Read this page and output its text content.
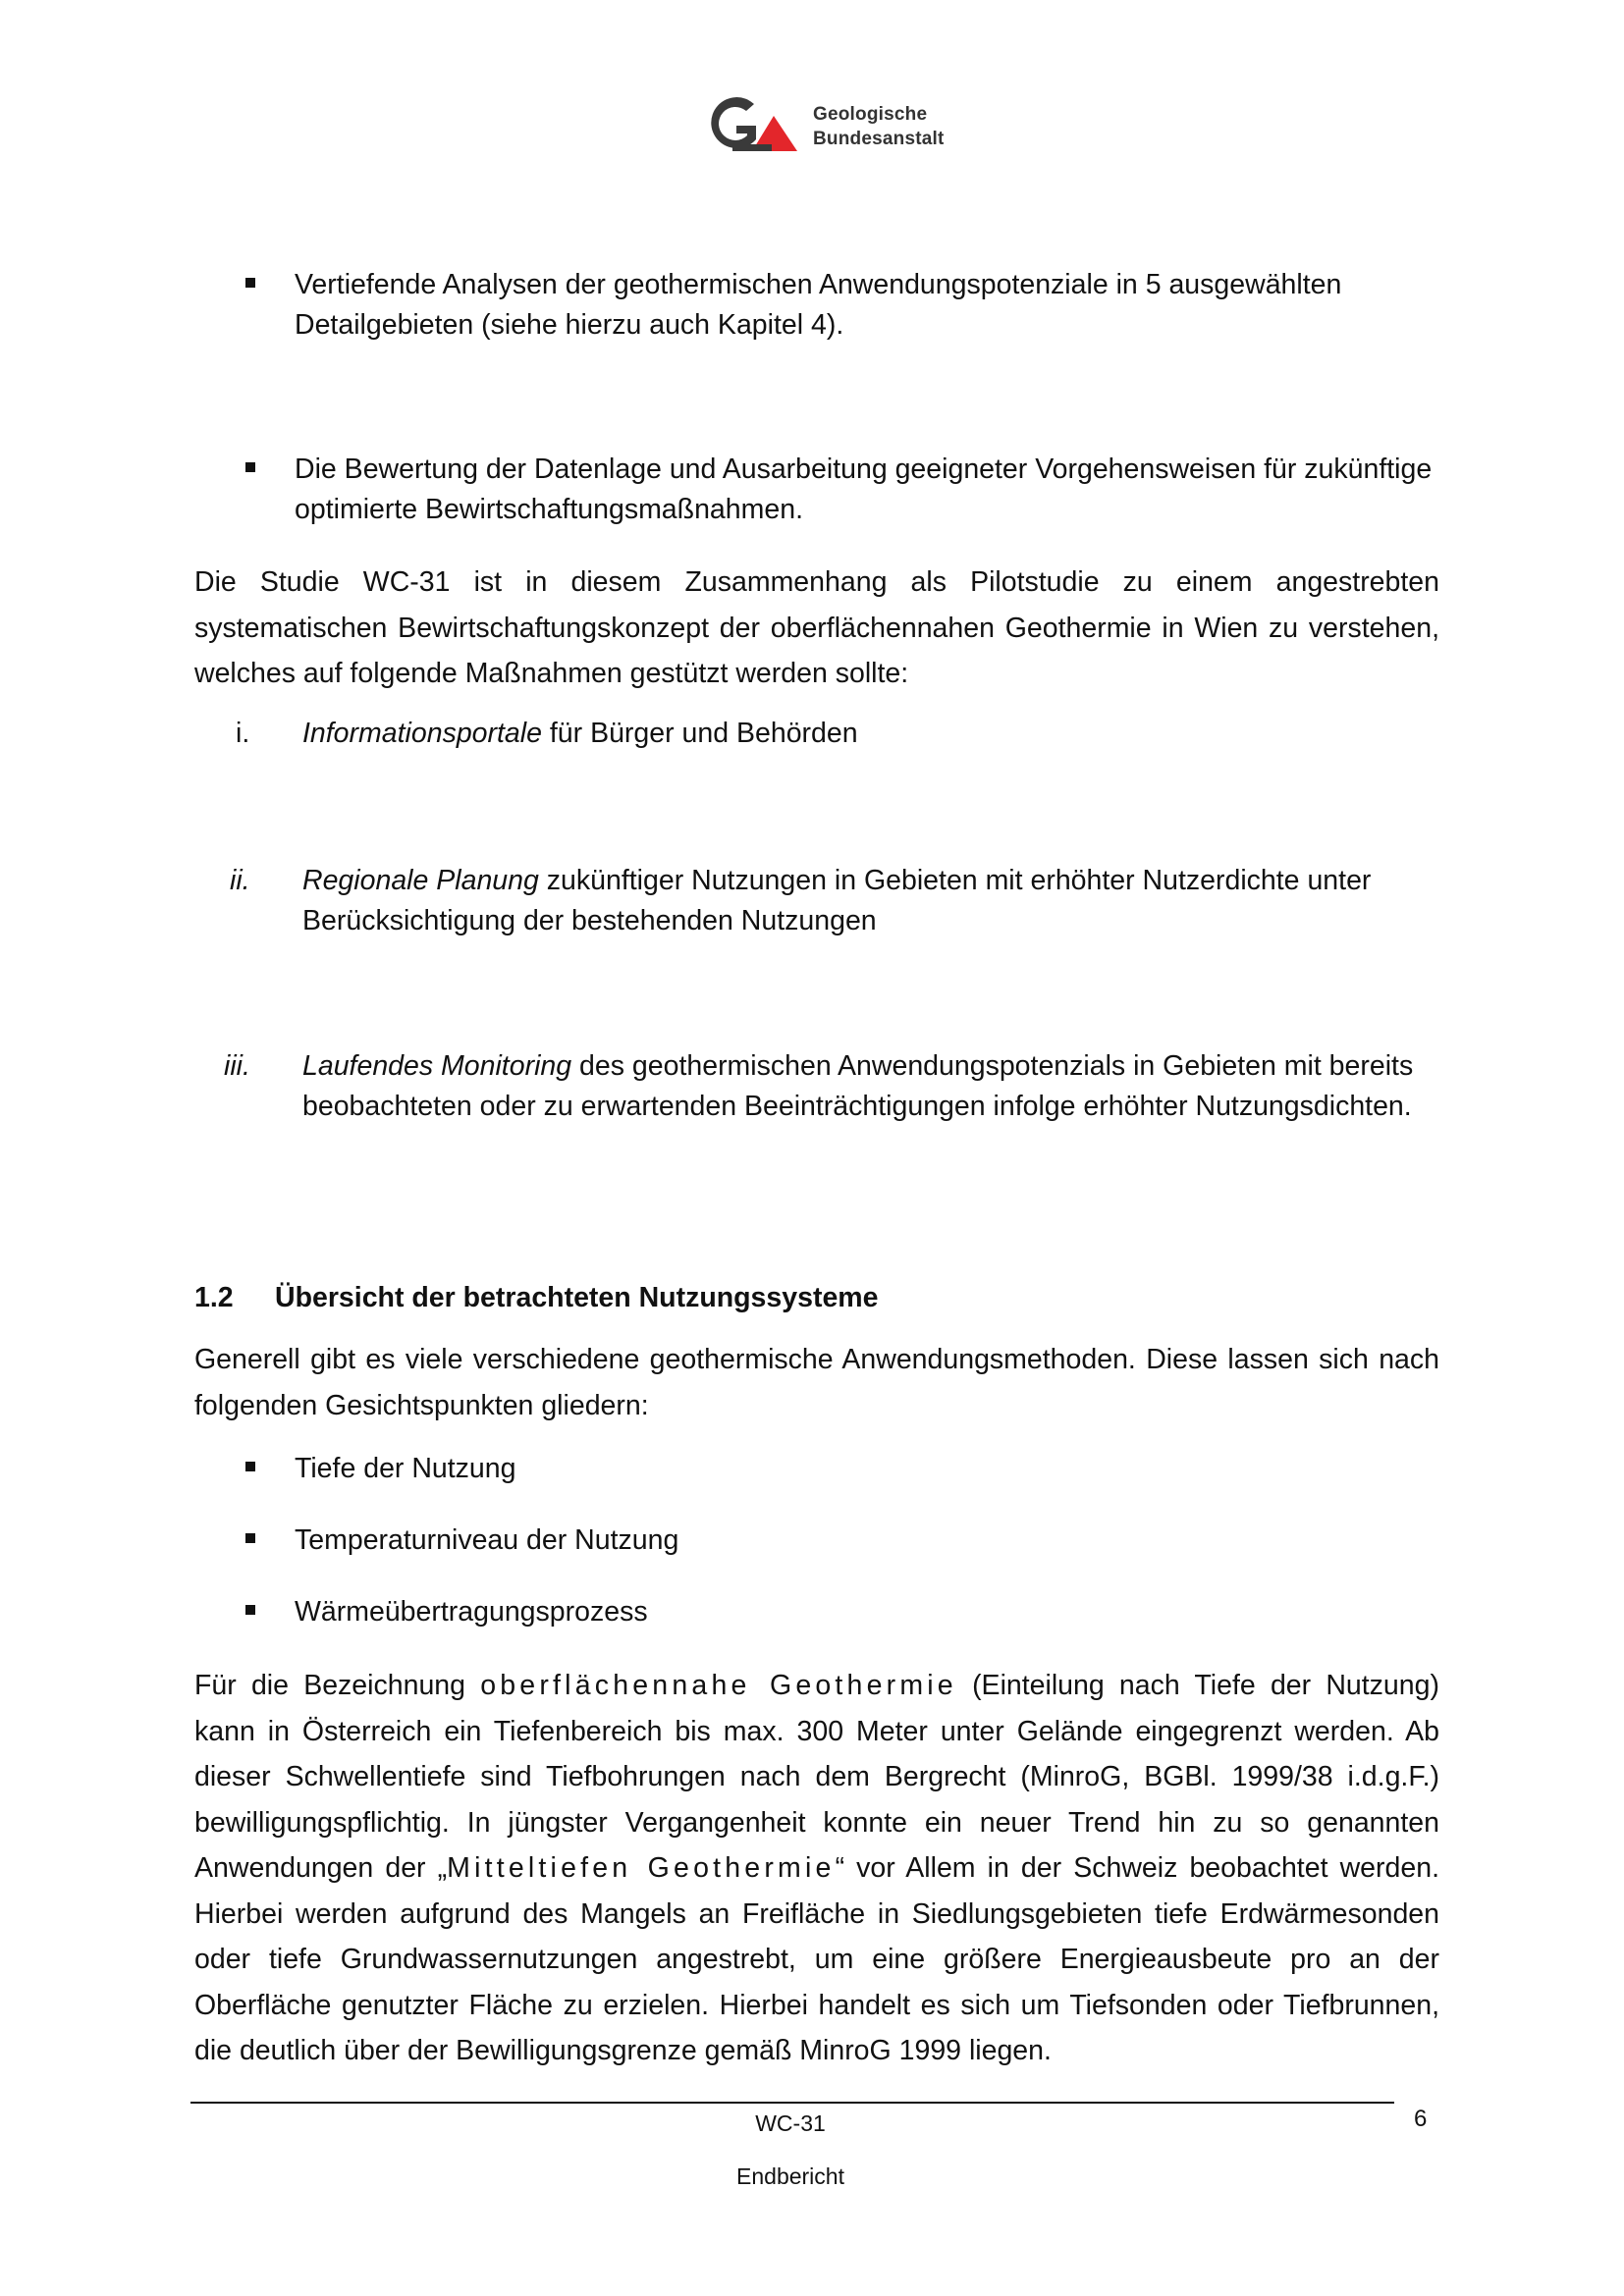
Geologische
Bundesanstalt
Vertiefende Analysen der geothermischen Anwendungspotenziale in 5 ausgewählten Detailgebieten (siehe hierzu auch Kapitel 4).
Die Bewertung der Datenlage und Ausarbeitung geeigneter Vorgehensweisen für zukünftige optimierte Bewirtschaftungsmaßnahmen.
Die Studie WC-31 ist in diesem Zusammenhang als Pilotstudie zu einem angestrebten systematischen Bewirtschaftungskonzept der oberflächennahen Geothermie in Wien zu verstehen, welches auf folgende Maßnahmen gestützt werden sollte:
i. Informationsportale für Bürger und Behörden
ii. Regionale Planung zukünftiger Nutzungen in Gebieten mit erhöhter Nutzerdichte unter Berücksichtigung der bestehenden Nutzungen
iii. Laufendes Monitoring des geothermischen Anwendungspotenzials in Gebieten mit bereits beobachteten oder zu erwartenden Beeinträchtigungen infolge erhöhter Nutzungsdichten.
1.2 Übersicht der betrachteten Nutzungssysteme
Generell gibt es viele verschiedene geothermische Anwendungsmethoden. Diese lassen sich nach folgenden Gesichtspunkten gliedern:
Tiefe der Nutzung
Temperaturniveau der Nutzung
Wärmeübertragungsprozess
Für die Bezeichnung oberflächennahe Geothermie (Einteilung nach Tiefe der Nutzung) kann in Österreich ein Tiefenbereich bis max. 300 Meter unter Gelände eingegrenzt werden. Ab dieser Schwellentiefe sind Tiefbohrungen nach dem Bergrecht (MinroG, BGBl. 1999/38 i.d.g.F.) bewilligungspflichtig. In jüngster Vergangenheit konnte ein neuer Trend hin zu so genannten Anwendungen der „Mitteltiefen Geothermie“ vor Allem in der Schweiz beobachtet werden. Hierbei werden aufgrund des Mangels an Freifläche in Siedlungsgebieten tiefe Erdwärmesonden oder tiefe Grundwassernutzungen angestrebt, um eine größere Energieausbeute pro an der Oberfläche genutzter Fläche zu erzielen. Hierbei handelt es sich um Tiefsonden oder Tiefbrunnen, die deutlich über der Bewilligungsgrenze gemäß MinroG 1999 liegen.
WC-31	6
Endbericht
